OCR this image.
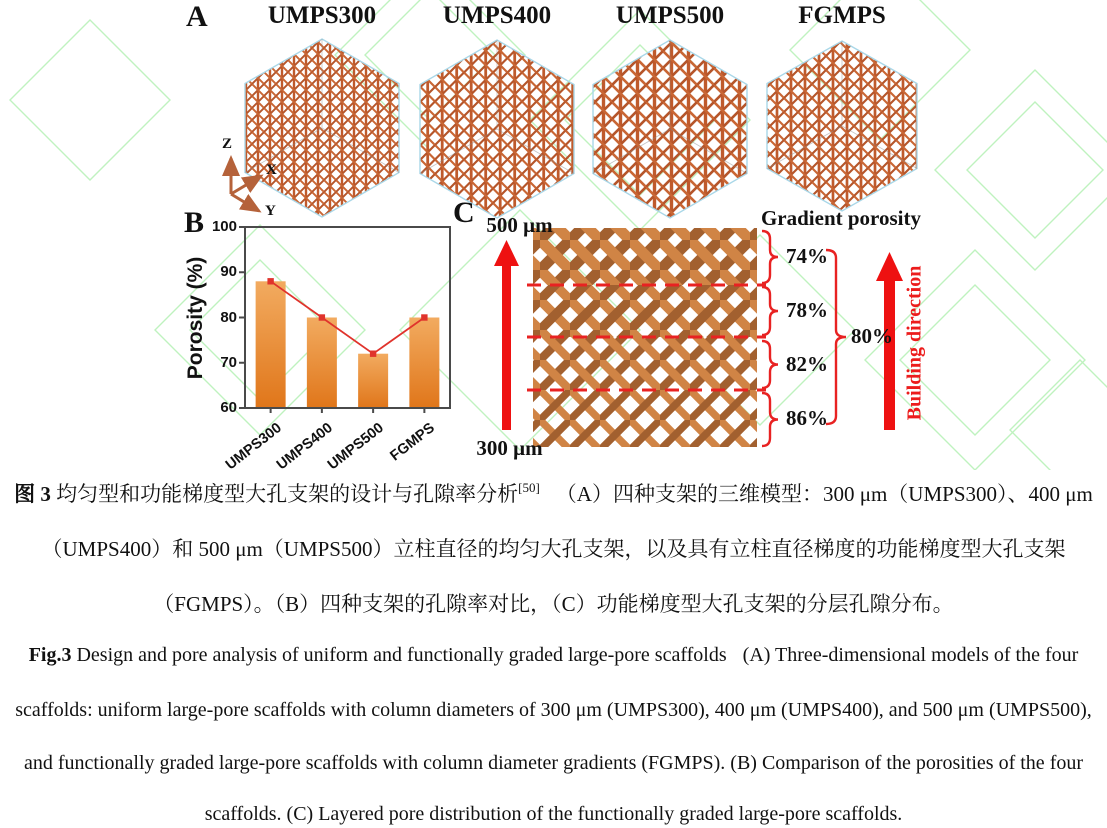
A	UMPS300	UMPS400	UMPS500	FGMPS
Z
X
Y
B
Porosity (%)
C 500 μm
300 μm
Gradient porosity
74%
78%
82%
86%
80% Building direction
60
70
80
90
100
UMPS300
UMPS400
UMPS500 FGMPS
图 3 均匀型和功能梯度型大孔支架的设计与孔隙率分析[50] （A）四种支架的三维模型：300 μm（UMPS300）、400 μm
（UMPS400）和 500 μm（UMPS500）立柱直径的均匀大孔支架，以及具有立柱直径梯度的功能梯度型大孔支架
（FGMPS）。（B）四种支架的孔隙率对比，（C）功能梯度型大孔支架的分层孔隙分布。
Fig.3 Design and pore analysis of uniform and functionally graded large-pore scaffolds (A) Three-dimensional models of the four
scaffolds: uniform large-pore scaffolds with column diameters of 300 μm (UMPS300), 400 μm (UMPS400), and 500 μm (UMPS500),
and functionally graded large-pore scaffolds with column diameter gradients (FGMPS). (B) Comparison of the porosities of the four
scaffolds. (C) Layered pore distribution of the functionally graded large-pore scaffolds.
